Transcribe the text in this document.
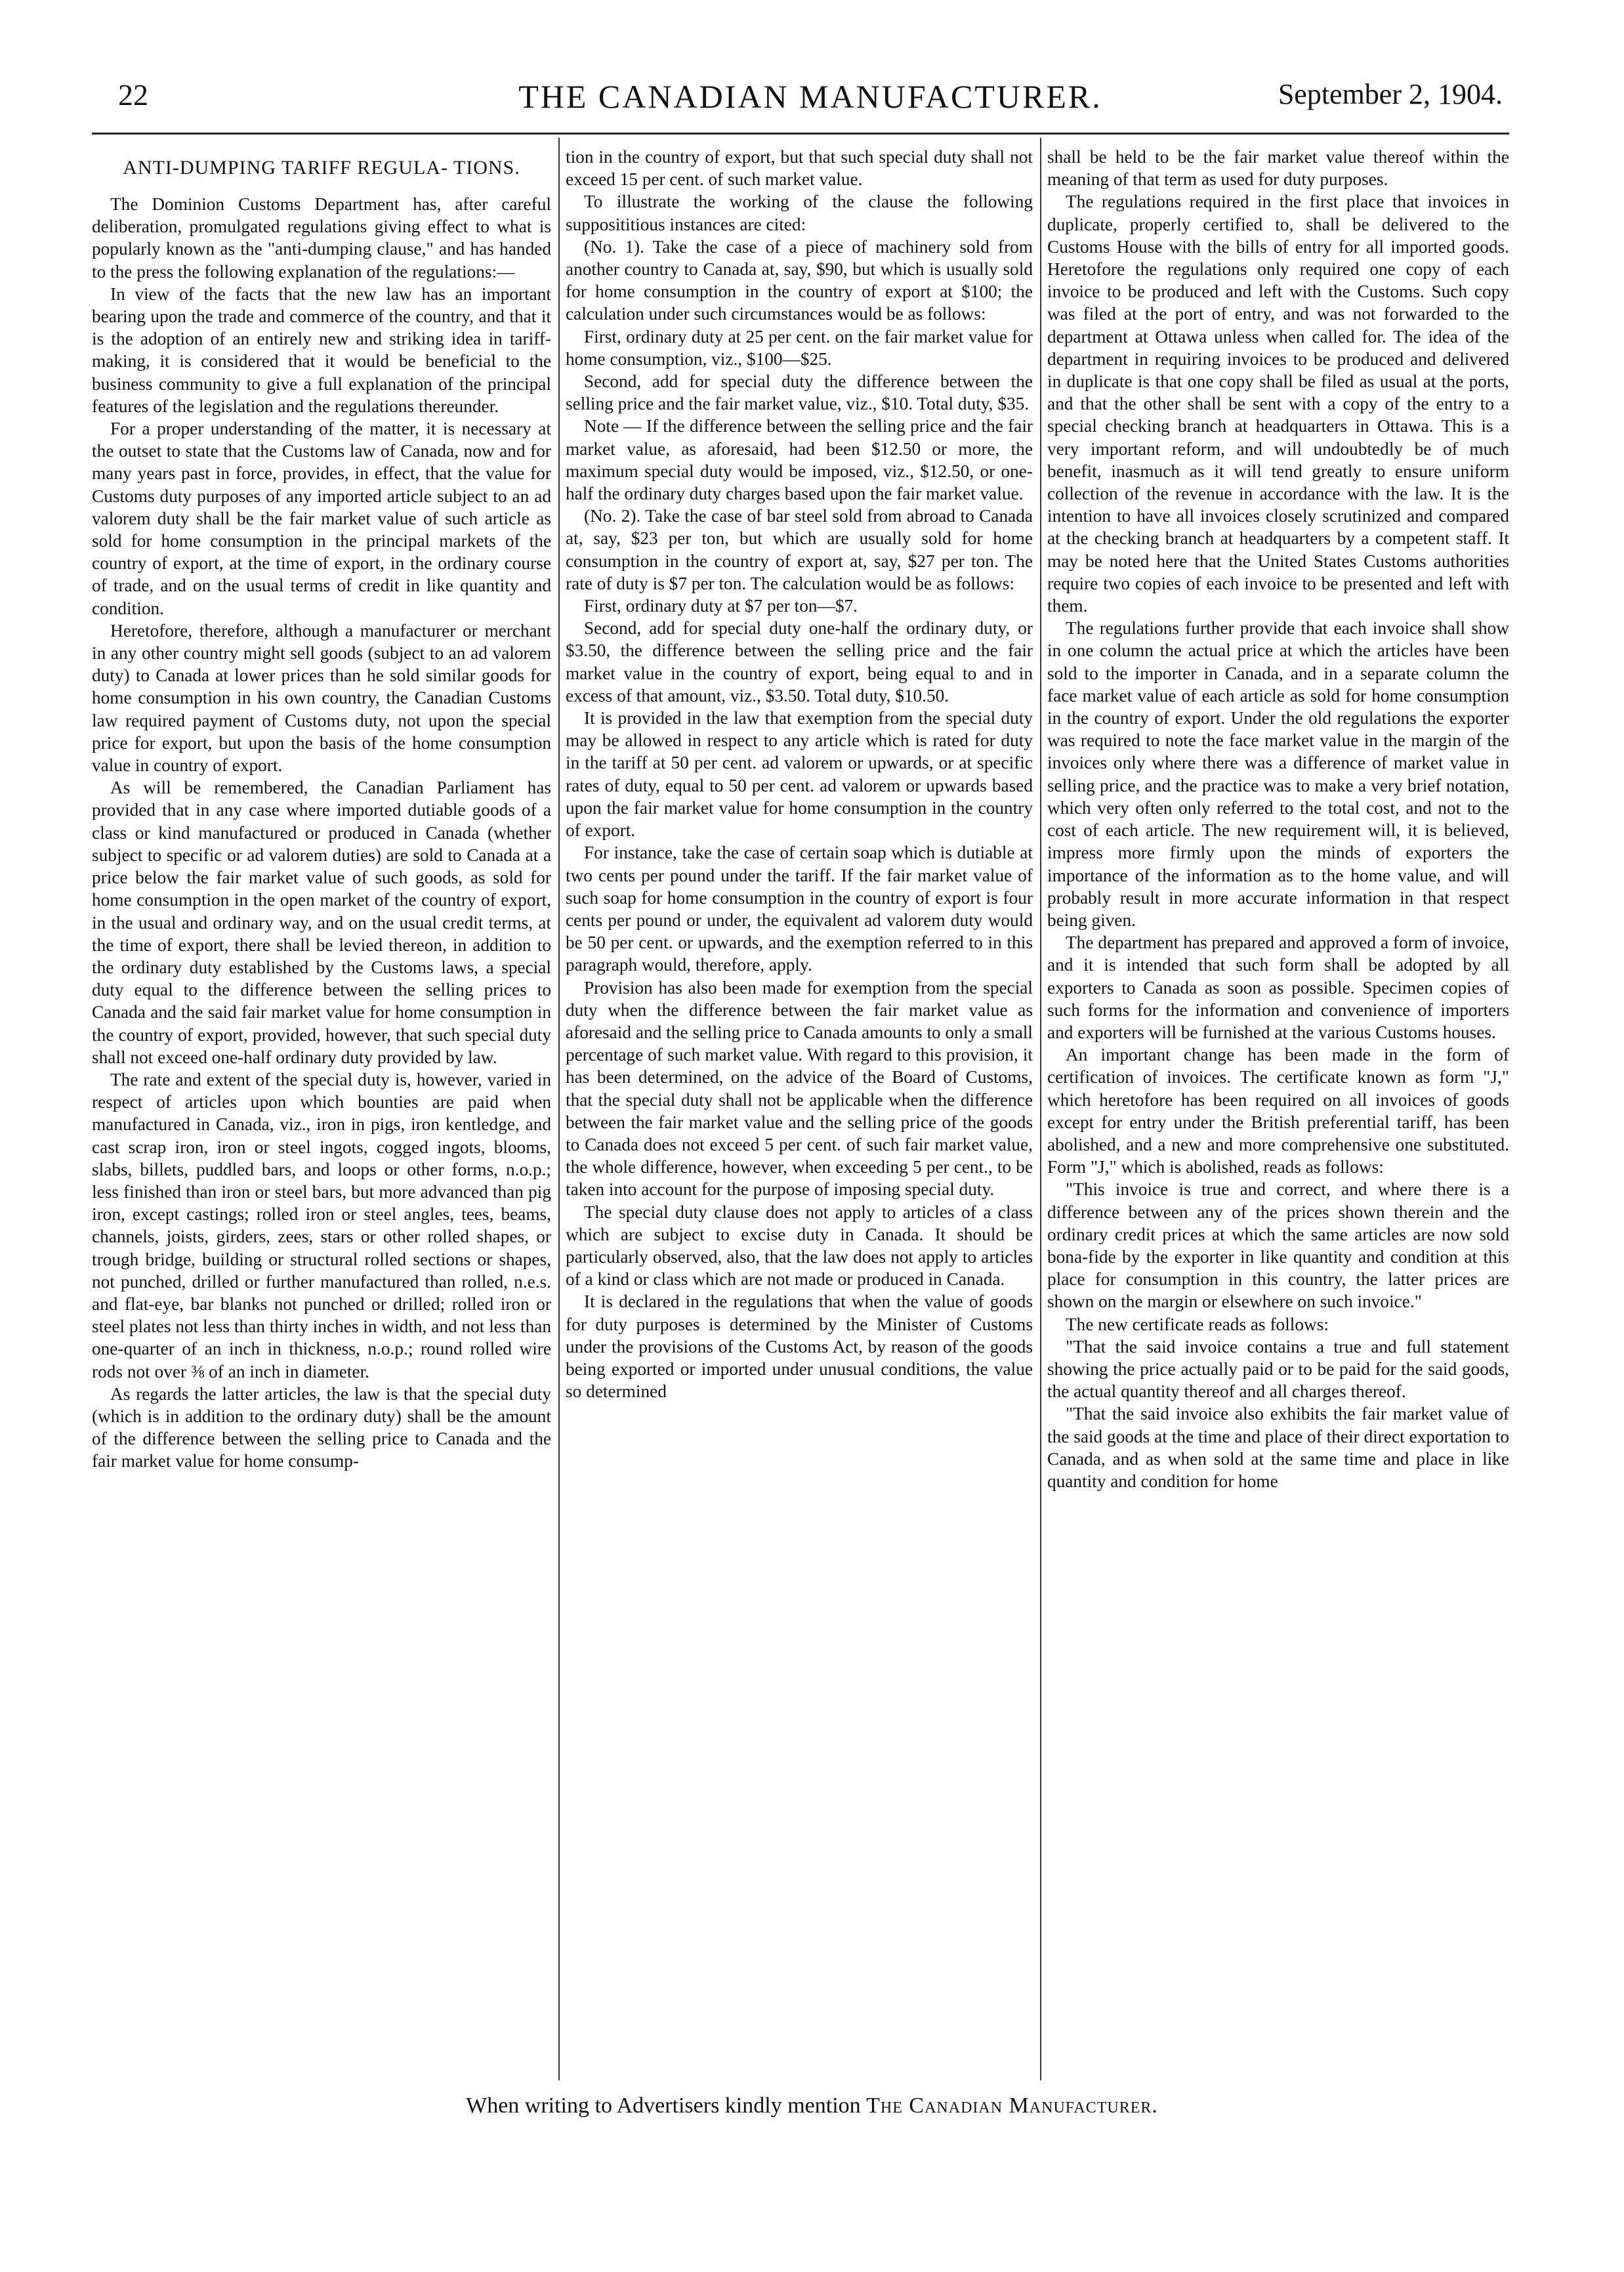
22	THE CANADIAN MANUFACTURER.	September 2, 1904.
ANTI-DUMPING TARIFF REGULA- TIONS.

The Dominion Customs Department has, after careful deliberation, promulgated regulations giving effect to what is popularly known as the "anti-dumping clause," and has handed to the press the following explanation of the regulations:—

In view of the facts that the new law has an important bearing upon the trade and commerce of the country, and that it is the adoption of an entirely new and striking idea in tariff-making, it is considered that it would be beneficial to the business community to give a full explanation of the principal features of the legislation and the regulations thereunder.

For a proper understanding of the matter, it is necessary at the outset to state that the Customs law of Canada, now and for many years past in force, provides, in effect, that the value for Customs duty purposes of any imported article subject to an ad valorem duty shall be the fair market value of such article as sold for home consumption in the principal markets of the country of export, at the time of export, in the ordinary course of trade, and on the usual terms of credit in like quantity and condition.

Heretofore, therefore, although a manufacturer or merchant in any other country might sell goods (subject to an ad valorem duty) to Canada at lower prices than he sold similar goods for home consumption in his own country, the Canadian Customs law required payment of Customs duty, not upon the special price for export, but upon the basis of the home consumption value in country of export.

As will be remembered, the Canadian Parliament has provided that in any case where imported dutiable goods of a class or kind manufactured or produced in Canada (whether subject to specific or ad valorem duties) are sold to Canada at a price below the fair market value of such goods, as sold for home consumption in the open market of the country of export, in the usual and ordinary way, and on the usual credit terms, at the time of export, there shall be levied thereon, in addition to the ordinary duty established by the Customs laws, a special duty equal to the difference between the selling prices to Canada and the said fair market value for home consumption in the country of export, provided, however, that such special duty shall not exceed one-half ordinary duty provided by law.

The rate and extent of the special duty is, however, varied in respect of articles upon which bounties are paid when manufactured in Canada, viz., iron in pigs, iron kentledge, and cast scrap iron, iron or steel ingots, cogged ingots, blooms, slabs, billets, puddled bars, and loops or other forms, n.o.p.; less finished than iron or steel bars, but more advanced than pig iron, except castings; rolled iron or steel angles, tees, beams, channels, joists, girders, zees, stars or other rolled shapes, or trough bridge, building or structural rolled sections or shapes, not punched, drilled or further manufactured than rolled, n.e.s. and flat-eye, bar blanks not punched or drilled; rolled iron or steel plates not less than thirty inches in width, and not less than one-quarter of an inch in thickness, n.o.p.; round rolled wire rods not over ⅜ of an inch in diameter.

As regards the latter articles, the law is that the special duty (which is in addition to the ordinary duty) shall be the amount of the difference between the selling price to Canada and the fair market value for home consump-

tion in the country of export, but that such special duty shall not exceed 15 per cent. of such market value.

To illustrate the working of the clause the following supposititious instances are cited:

(No. 1). Take the case of a piece of machinery sold from another country to Canada at, say, $90, but which is usually sold for home consumption in the country of export at $100; the calculation under such circumstances would be as follows:

First, ordinary duty at 25 per cent. on the fair market value for home consumption, viz., $100—$25.

Second, add for special duty the difference between the selling price and the fair market value, viz., $10. Total duty, $35.

Note — If the difference between the selling price and the fair market value, as aforesaid, had been $12.50 or more, the maximum special duty would be imposed, viz., $12.50, or one-half the ordinary duty charges based upon the fair market value.

(No. 2). Take the case of bar steel sold from abroad to Canada at, say, $23 per ton, but which are usually sold for home consumption in the country of export at, say, $27 per ton. The rate of duty is $7 per ton. The calculation would be as follows:

First, ordinary duty at $7 per ton—$7.

Second, add for special duty one-half the ordinary duty, or $3.50, the difference between the selling price and the fair market value in the country of export, being equal to and in excess of that amount, viz., $3.50. Total duty, $10.50.

It is provided in the law that exemption from the special duty may be allowed in respect to any article which is rated for duty in the tariff at 50 per cent. ad valorem or upwards, or at specific rates of duty, equal to 50 per cent. ad valorem or upwards based upon the fair market value for home consumption in the country of export.

For instance, take the case of certain soap which is dutiable at two cents per pound under the tariff. If the fair market value of such soap for home consumption in the country of export is four cents per pound or under, the equivalent ad valorem duty would be 50 per cent. or upwards, and the exemption referred to in this paragraph would, therefore, apply.

Provision has also been made for exemption from the special duty when the difference between the fair market value as aforesaid and the selling price to Canada amounts to only a small percentage of such market value. With regard to this provision, it has been determined, on the advice of the Board of Customs, that the special duty shall not be applicable when the difference between the fair market value and the selling price of the goods to Canada does not exceed 5 per cent. of such fair market value, the whole difference, however, when exceeding 5 per cent., to be taken into account for the purpose of imposing special duty.

The special duty clause does not apply to articles of a class which are subject to excise duty in Canada. It should be particularly observed, also, that the law does not apply to articles of a kind or class which are not made or produced in Canada.

It is declared in the regulations that when the value of goods for duty purposes is determined by the Minister of Customs under the provisions of the Customs Act, by reason of the goods being exported or imported under unusual conditions, the value so determined

shall be held to be the fair market value thereof within the meaning of that term as used for duty purposes.

The regulations required in the first place that invoices in duplicate, properly certified to, shall be delivered to the Customs House with the bills of entry for all imported goods. Heretofore the regulations only required one copy of each invoice to be produced and left with the Customs. Such copy was filed at the port of entry, and was not forwarded to the department at Ottawa unless when called for. The idea of the department in requiring invoices to be produced and delivered in duplicate is that one copy shall be filed as usual at the ports, and that the other shall be sent with a copy of the entry to a special checking branch at headquarters in Ottawa. This is a very important reform, and will undoubtedly be of much benefit, inasmuch as it will tend greatly to ensure uniform collection of the revenue in accordance with the law. It is the intention to have all invoices closely scrutinized and compared at the checking branch at headquarters by a competent staff. It may be noted here that the United States Customs authorities require two copies of each invoice to be presented and left with them.

The regulations further provide that each invoice shall show in one column the actual price at which the articles have been sold to the importer in Canada, and in a separate column the face market value of each article as sold for home consumption in the country of export. Under the old regulations the exporter was required to note the face market value in the margin of the invoices only where there was a difference of market value in selling price, and the practice was to make a very brief notation, which very often only referred to the total cost, and not to the cost of each article. The new requirement will, it is believed, impress more firmly upon the minds of exporters the importance of the information as to the home value, and will probably result in more accurate information in that respect being given.

The department has prepared and approved a form of invoice, and it is intended that such form shall be adopted by all exporters to Canada as soon as possible. Specimen copies of such forms for the information and convenience of importers and exporters will be furnished at the various Customs houses.

An important change has been made in the form of certification of invoices. The certificate known as form "J," which heretofore has been required on all invoices of goods except for entry under the British preferential tariff, has been abolished, and a new and more comprehensive one substituted. Form "J," which is abolished, reads as follows:

"This invoice is true and correct, and where there is a difference between any of the prices shown therein and the ordinary credit prices at which the same articles are now sold bona-fide by the exporter in like quantity and condition at this place for consumption in this country, the latter prices are shown on the margin or elsewhere on such invoice."

The new certificate reads as follows:

"That the said invoice contains a true and full statement showing the price actually paid or to be paid for the said goods, the actual quantity thereof and all charges thereof.

"That the said invoice also exhibits the fair market value of the said goods at the time and place of their direct exportation to Canada, and as when sold at the same time and place in like quantity and condition for home

When writing to Advertisers kindly mention The Canadian Manufacturer.
